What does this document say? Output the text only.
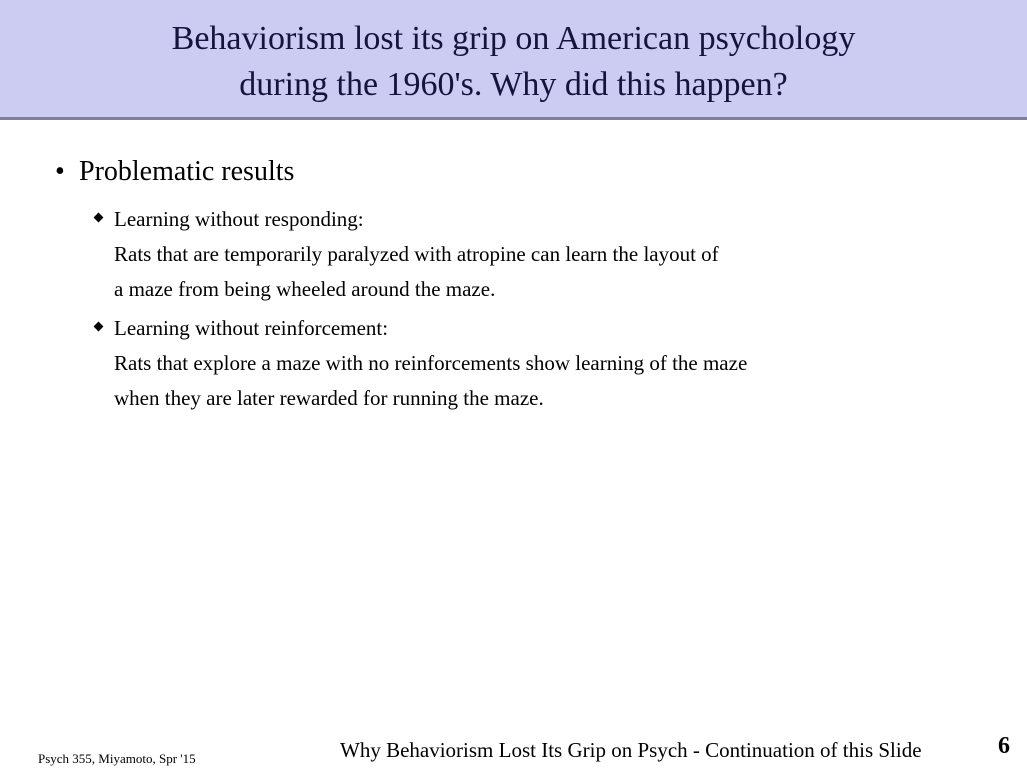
Behaviorism lost its grip on American psychology
during the 1960's. Why did this happen?
• Problematic results
Learning without responding:
Rats that are temporarily paralyzed with atropine can learn the layout of
a maze from being wheeled around the maze.
Learning without reinforcement:
Rats that explore a maze with no reinforcements show learning of the maze
when they are later rewarded for running the maze.
Psych 355, Miyamoto, Spr '15	Why Behaviorism Lost Its Grip on Psych - Continuation of this Slide	6
